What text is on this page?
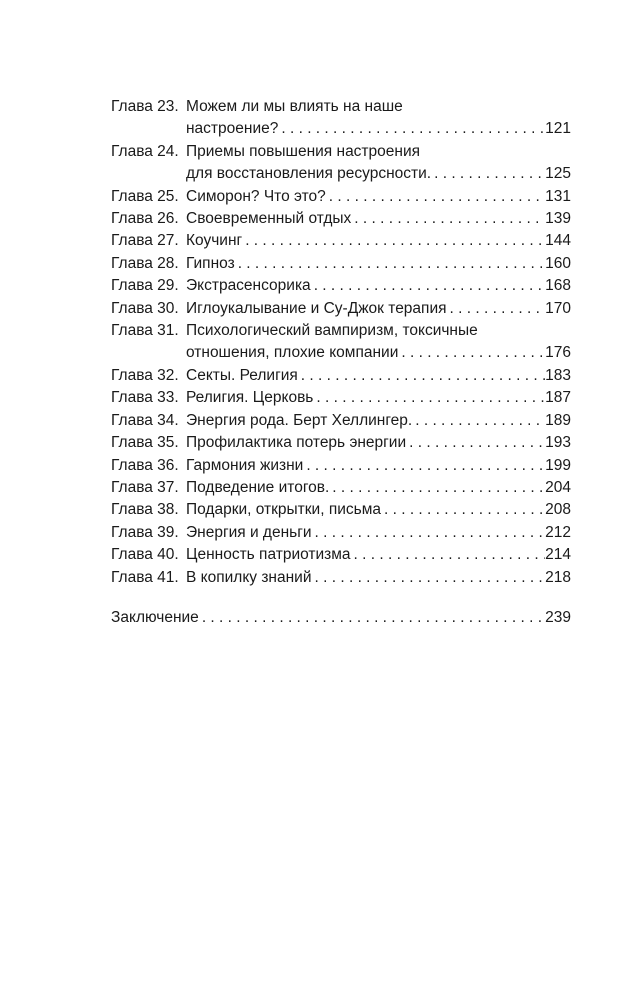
Глава 23. Можем ли мы влиять на наше
настроение? . . .	121
Глава 24. Приемы повышения настроения
для восстановления ресурсности. . . .	125
Глава 25. Симорон? Что это? . . .	131
Глава 26. Своевременный отдых . . .	139
Глава 27. Коучинг . . .	144
Глава 28. Гипноз . . .	160
Глава 29. Экстрасенсорика . . .	168
Глава 30. Иглоукалывание и Су-Джок терапия . . .	170
Глава 31. Психологический вампиризм, токсичные
отношения, плохие компании . . .	176
Глава 32. Секты. Религия . . .	183
Глава 33. Религия. Церковь . . .	187
Глава 34. Энергия рода. Берт Хеллингер. . . .	189
Глава 35. Профилактика потерь энергии . . .	193
Глава 36. Гармония жизни . . .	199
Глава 37. Подведение итогов. . . .	204
Глава 38. Подарки, открытки, письма . . .	208
Глава 39. Энергия и деньги . . .	212
Глава 40. Ценность патриотизма . . .	214
Глава 41. В копилку знаний . . .	218
Заключение . . .	239
